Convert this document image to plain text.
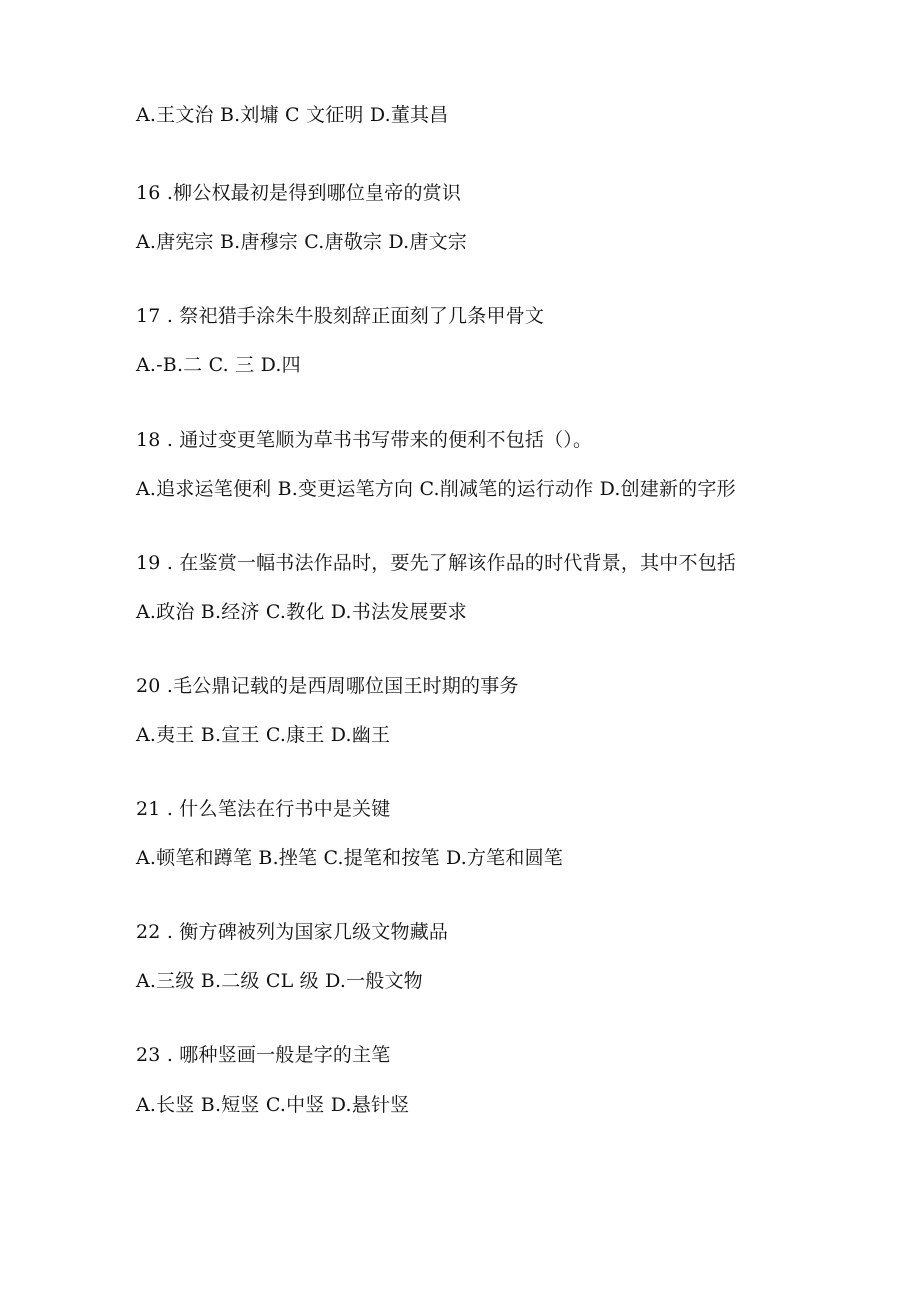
A.王文治 B.刘墉 C 文征明 D.董其昌
16 .柳公权最初是得到哪位皇帝的赏识
A.唐宪宗 B.唐穆宗 C.唐敬宗 D.唐文宗
17 . 祭祀猎手涂朱牛股刻辞正面刻了几条甲骨文
A.-B.二 C. 三 D.四
18 . 通过变更笔顺为草书书写带来的便利不包括（）。
A.追求运笔便利 B.变更运笔方向 C.削减笔的运行动作 D.创建新的字形
19 . 在鉴赏一幅书法作品时，要先了解该作品的时代背景，其中不包括
A.政治 B.经济 C.教化 D.书法发展要求
20 .毛公鼎记载的是西周哪位国王时期的事务
A.夷王 B.宣王 C.康王 D.幽王
21 . 什么笔法在行书中是关键
A.顿笔和蹲笔 B.挫笔 C.提笔和按笔 D.方笔和圆笔
22 . 衡方碑被列为国家几级文物藏品
A.三级 B.二级 CL 级 D.一般文物
23 . 哪种竖画一般是字的主笔
A.长竖 B.短竖 C.中竖 D.悬针竖
